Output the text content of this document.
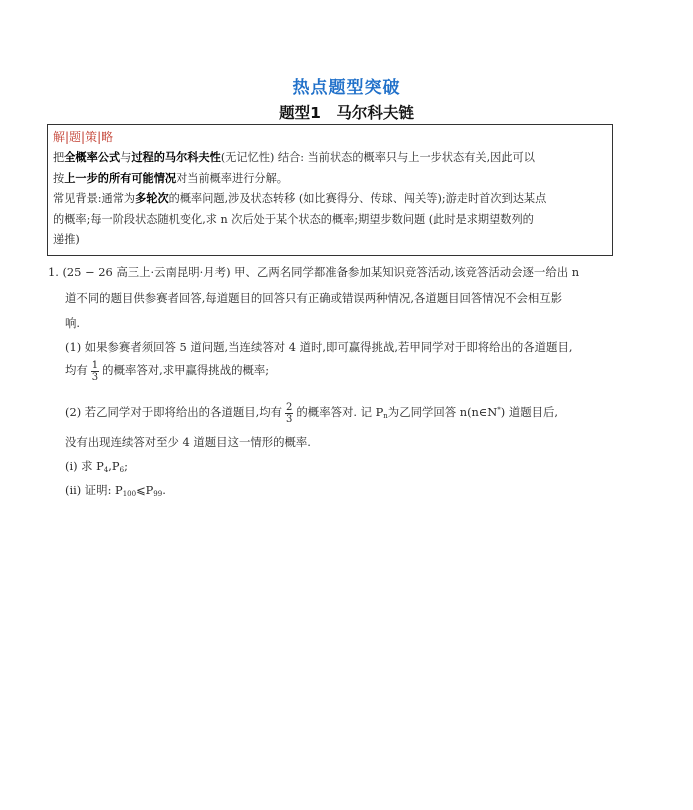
热点题型突破
题型1　马尔科夫链
解|题|策|略
把全概率公式与过程的马尔科夫性(无记忆性) 结合: 当前状态的概率只与上一步状态有关,因此可以
按上一步的所有可能情况对当前概率进行分解。
常见背景:通常为多轮次的概率问题,涉及状态转移 (如比赛得分、传球、闯关等);游走时首次到达某点
的概率;每一阶段状态随机变化,求 n 次后处于某个状态的概率;期望步数问题 (此时是求期望数列的
递推)
1. (25 − 26 高三上·云南昆明·月考) 甲、乙两名同学都准备参加某知识竞答活动,该竞答活动会逐一给出 n
道不同的题目供参赛者回答,每道题目的回答只有正确或错误两种情况,各道题目回答情况不会相互影
响.
(1) 如果参赛者须回答 5 道问题,当连续答对 4 道时,即可赢得挑战,若甲同学对于即将给出的各道题目,
均有 $\frac{1}{3}$ 的概率答对,求甲赢得挑战的概率;
(2) 若乙同学对于即将给出的各道题目,均有 $\frac{2}{3}$ 的概率答对. 记 $P_n$为乙同学回答 n(n∈N*) 道题目后,
没有出现连续答对至少 4 道题目这一情形的概率.
(i) 求 $P_4,P_6$;
(ii) 证明: $P_{100}⩽P_{99}$.
